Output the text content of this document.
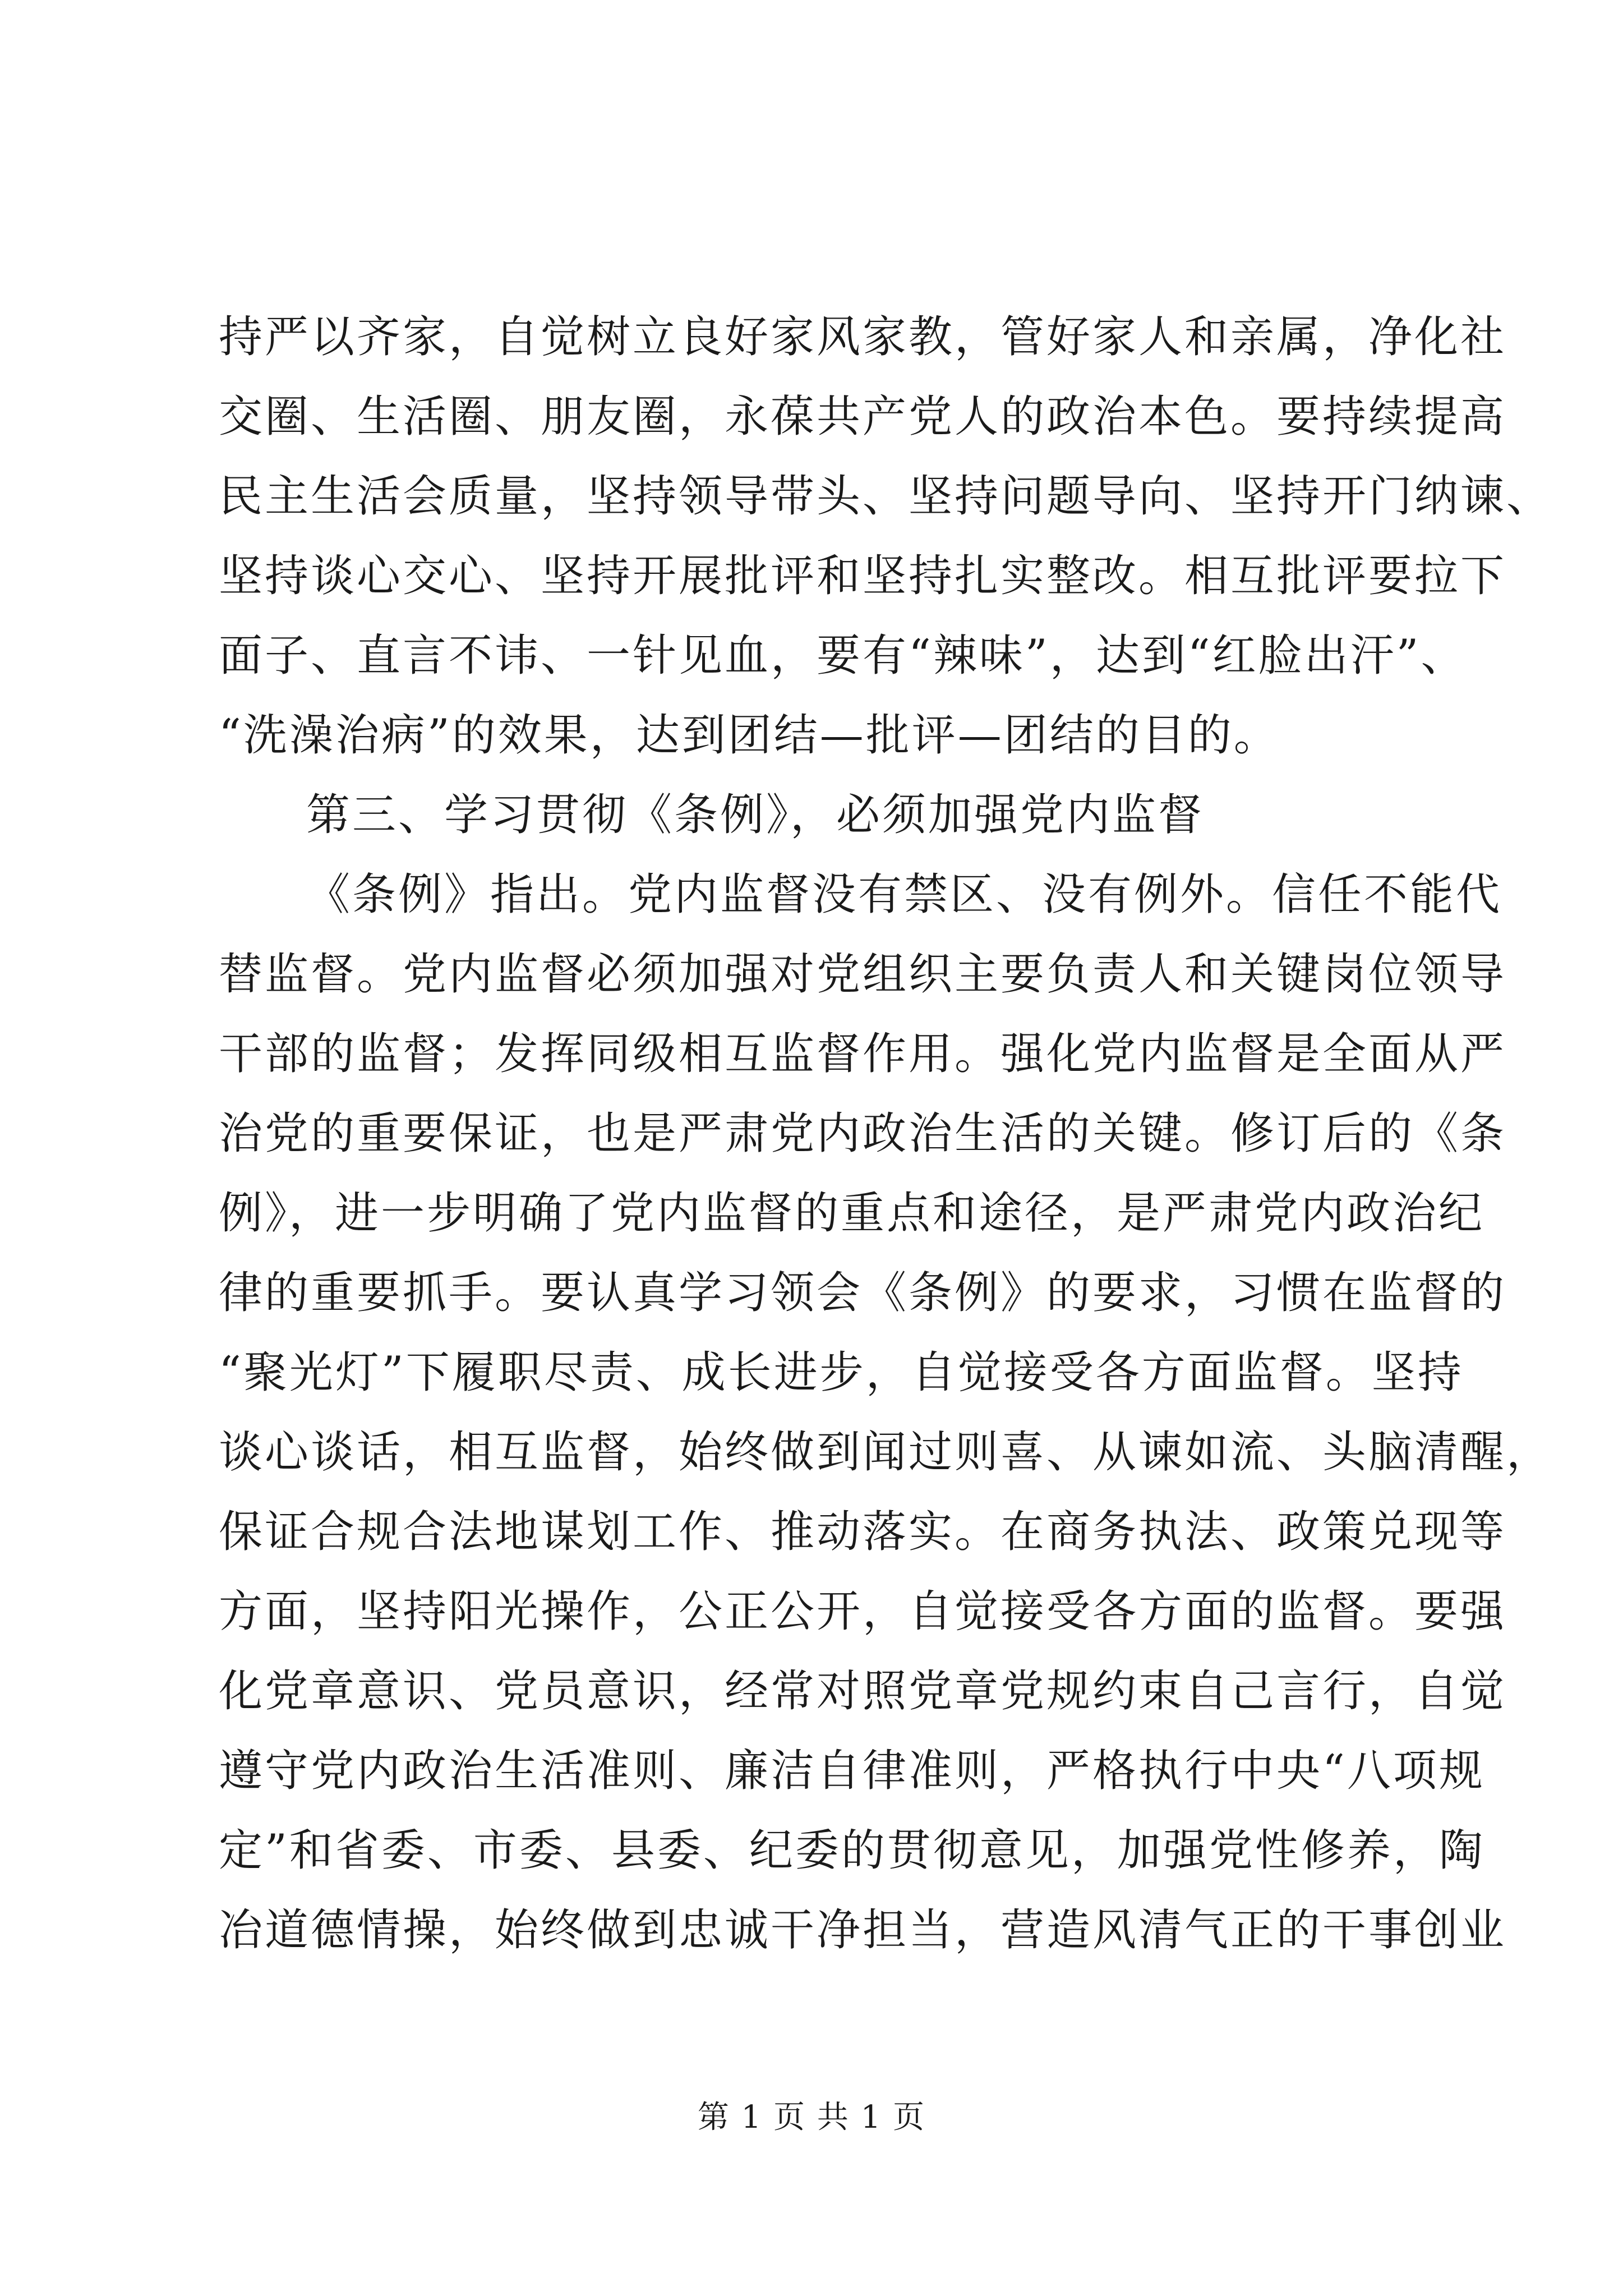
持严以齐家，自觉树立良好家风家教，管好家人和亲属，净化社
交圈、生活圈、朋友圈，永葆共产党人的政治本色。要持续提高
民主生活会质量，坚持领导带头、坚持问题导向、坚持开门纳谏、
坚持谈心交心、坚持开展批评和坚持扎实整改。相互批评要拉下
面子、直言不讳、一针见血，要有“辣味”，达到“红脸出汗”、
“洗澡治病”的效果，达到团结—批评—团结的目的。
第三、学习贯彻《条例》，必须加强党内监督
《条例》指出。党内监督没有禁区、没有例外。信任不能代
替监督。党内监督必须加强对党组织主要负责人和关键岗位领导
干部的监督；发挥同级相互监督作用。强化党内监督是全面从严
治党的重要保证，也是严肃党内政治生活的关键。修订后的《条
例》，进一步明确了党内监督的重点和途径，是严肃党内政治纪
律的重要抓手。要认真学习领会《条例》的要求，习惯在监督的
“聚光灯”下履职尽责、成长进步，自觉接受各方面监督。坚持
谈心谈话，相互监督，始终做到闻过则喜、从谏如流、头脑清醒，
保证合规合法地谋划工作、推动落实。在商务执法、政策兑现等
方面，坚持阳光操作，公正公开，自觉接受各方面的监督。要强
化党章意识、党员意识，经常对照党章党规约束自己言行，自觉
遵守党内政治生活准则、廉洁自律准则，严格执行中央“八项规
定”和省委、市委、县委、纪委的贯彻意见，加强党性修养，陶
冶道德情操，始终做到忠诚干净担当，营造风清气正的干事创业
第 1 页 共 1 页
